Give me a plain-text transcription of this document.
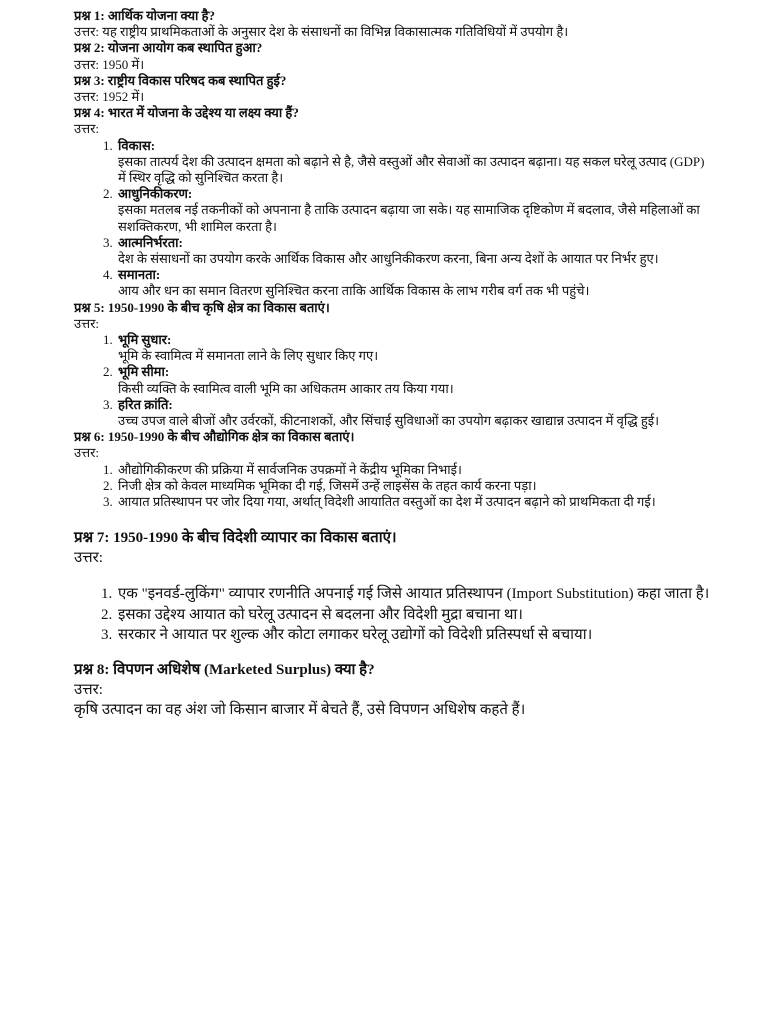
प्रश्न 1: आर्थिक योजना क्या है?
उत्तर: यह राष्ट्रीय प्राथमिकताओं के अनुसार देश के संसाधनों का विभिन्न विकासात्मक गतिविधियों में उपयोग है।
प्रश्न 2: योजना आयोग कब स्थापित हुआ?
उत्तर: 1950 में।
प्रश्न 3: राष्ट्रीय विकास परिषद कब स्थापित हुई?
उत्तर: 1952 में।
प्रश्न 4: भारत में योजना के उद्देश्य या लक्ष्य क्या हैं?
उत्तर:
1. विकास:
इसका तात्पर्य देश की उत्पादन क्षमता को बढ़ाने से है, जैसे वस्तुओं और सेवाओं का उत्पादन बढ़ाना। यह सकल घरेलू उत्पाद (GDP) में स्थिर वृद्धि को सुनिश्चित करता है।
2. आधुनिकीकरण:
इसका मतलब नई तकनीकों को अपनाना है ताकि उत्पादन बढ़ाया जा सके। यह सामाजिक दृष्टिकोण में बदलाव, जैसे महिलाओं का सशक्तिकरण, भी शामिल करता है।
3. आत्मनिर्भरता:
देश के संसाधनों का उपयोग करके आर्थिक विकास और आधुनिकीकरण करना, बिना अन्य देशों के आयात पर निर्भर हुए।
4. समानता:
आय और धन का समान वितरण सुनिश्चित करना ताकि आर्थिक विकास के लाभ गरीब वर्ग तक भी पहुंचे।
प्रश्न 5: 1950-1990 के बीच कृषि क्षेत्र का विकास बताएं।
उत्तर:
1. भूमि सुधार:
भूमि के स्वामित्व में समानता लाने के लिए सुधार किए गए।
2. भूमि सीमा:
किसी व्यक्ति के स्वामित्व वाली भूमि का अधिकतम आकार तय किया गया।
3. हरित क्रांति:
उच्च उपज वाले बीजों और उर्वरकों, कीटनाशकों, और सिंचाई सुविधाओं का उपयोग बढ़ाकर खाद्यान्न उत्पादन में वृद्धि हुई।
प्रश्न 6: 1950-1990 के बीच औद्योगिक क्षेत्र का विकास बताएं।
उत्तर:
1. औद्योगिकीकरण की प्रक्रिया में सार्वजनिक उपक्रमों ने केंद्रीय भूमिका निभाई।
2. निजी क्षेत्र को केवल माध्यमिक भूमिका दी गई, जिसमें उन्हें लाइसेंस के तहत कार्य करना पड़ा।
3. आयात प्रतिस्थापन पर जोर दिया गया, अर्थात् विदेशी आयातित वस्तुओं का देश में उत्पादन बढ़ाने को प्राथमिकता दी गई।
प्रश्न 7: 1950-1990 के बीच विदेशी व्यापार का विकास बताएं।
उत्तर:
1. एक "इनवर्ड-लुकिंग" व्यापार रणनीति अपनाई गई जिसे आयात प्रतिस्थापन (Import Substitution) कहा जाता है।
2. इसका उद्देश्य आयात को घरेलू उत्पादन से बदलना और विदेशी मुद्रा बचाना था।
3. सरकार ने आयात पर शुल्क और कोटा लगाकर घरेलू उद्योगों को विदेशी प्रतिस्पर्धा से बचाया।
प्रश्न 8: विपणन अधिशेष (Marketed Surplus) क्या है?
उत्तर:
कृषि उत्पादन का वह अंश जो किसान बाजार में बेचते हैं, उसे विपणन अधिशेष कहते हैं।
